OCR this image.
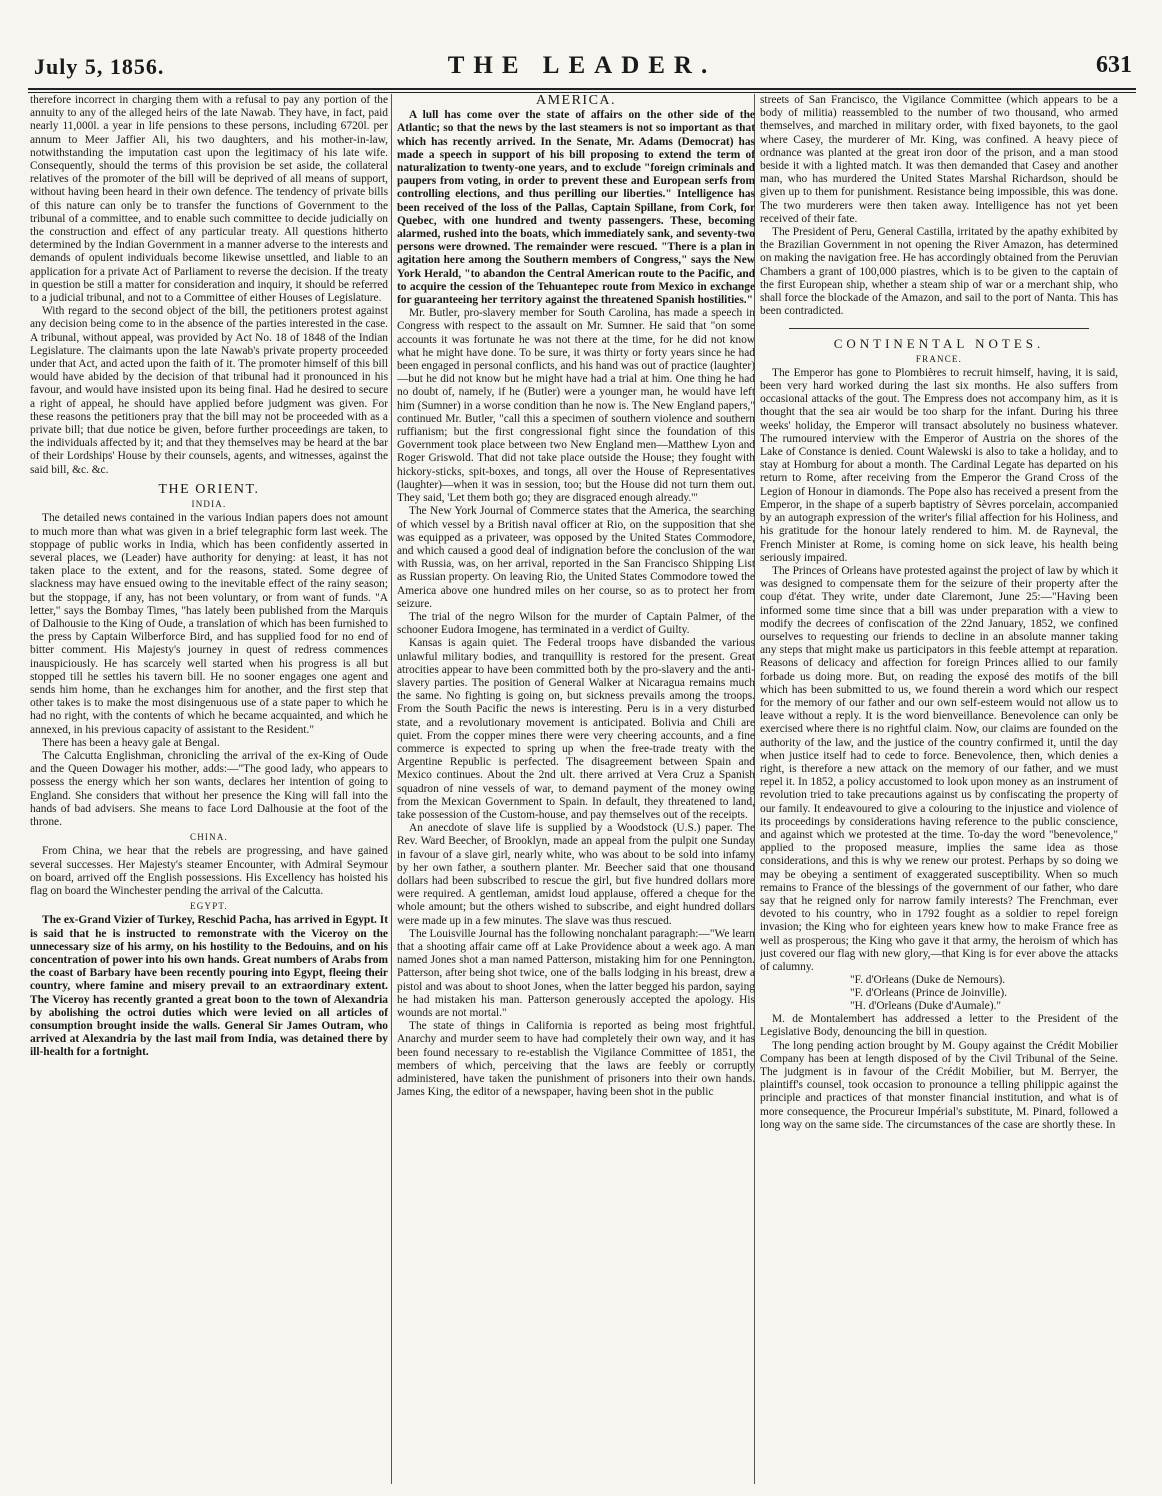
July 5, 1856.	THE LEADER.	631

therefore incorrect in charging them with a refusal to pay any portion of the annuity to any of the alleged heirs of the late Nawab. They have, in fact, paid nearly 11,000l. a year in life pensions to these persons, including 6720l. per annum to Meer Jaffier Ali, his two daughters, and his mother-in-law, notwithstanding the imputation cast upon the legitimacy of his late wife. Consequently, should the terms of this provision be set aside, the collateral relatives of the promoter of the bill will be deprived of all means of support, without having been heard in their own defence. The tendency of private bills of this nature can only be to transfer the functions of Government to the tribunal of a committee, and to enable such committee to decide judicially on the construction and effect of any particular treaty. All questions hitherto determined by the Indian Government in a manner adverse to the interests and demands of opulent individuals become likewise unsettled, and liable to an application for a private Act of Parliament to reverse the decision. If the treaty in question be still a matter for consideration and inquiry, it should be referred to a judicial tribunal, and not to a Committee of either Houses of Legislature.

With regard to the second object of the bill, the petitioners protest against any decision being come to in the absence of the parties interested in the case. A tribunal, without appeal, was provided by Act No. 18 of 1848 of the Indian Legislature. The claimants upon the late Nawab's private property proceeded under that Act, and acted upon the faith of it. The promoter himself of this bill would have abided by the decision of that tribunal had it pronounced in his favour, and would have insisted upon its being final. Had he desired to secure a right of appeal, he should have applied before judgment was given. For these reasons the petitioners pray that the bill may not be proceeded with as a private bill; that due notice be given, before further proceedings are taken, to the individuals affected by it; and that they themselves may be heard at the bar of their Lordships' House by their counsels, agents, and witnesses, against the said bill, &c. &c.

THE ORIENT.
INDIA.

The detailed news contained in the various Indian papers does not amount to much more than what was given in a brief telegraphic form last week. The stoppage of public works in India, which has been confidently asserted in several places, we (Leader) have authority for denying: at least, it has not taken place to the extent, and for the reasons, stated. Some degree of slackness may have ensued owing to the inevitable effect of the rainy season; but the stoppage, if any, has not been voluntary, or from want of funds. "A letter," says the Bombay Times, "has lately been published from the Marquis of Dalhousie to the King of Oude, a translation of which has been furnished to the press by Captain Wilberforce Bird, and has supplied food for no end of bitter comment. His Majesty's journey in quest of redress commences inauspiciously. He has scarcely well started when his progress is all but stopped till he settles his tavern bill. He no sooner engages one agent and sends him home, than he exchanges him for another, and the first step that other takes is to make the most disingenuous use of a state paper to which he had no right, with the contents of which he became acquainted, and which he annexed, in his previous capacity of assistant to the Resident."

There has been a heavy gale at Bengal.

The Calcutta Englishman, chronicling the arrival of the ex-King of Oude and the Queen Dowager his mother, adds:—"The good lady, who appears to possess the energy which her son wants, declares her intention of going to England. She considers that without her presence the King will fall into the hands of bad advisers. She means to face Lord Dalhousie at the foot of the throne.

CHINA.

From China, we hear that the rebels are progressing, and have gained several successes. Her Majesty's steamer Encounter, with Admiral Seymour on board, arrived off the English possessions. His Excellency has hoisted his flag on board the Winchester pending the arrival of the Calcutta.

EGYPT.

The ex-Grand Vizier of Turkey, Reschid Pacha, has arrived in Egypt. It is said that he is instructed to remonstrate with the Viceroy on the unnecessary size of his army, on his hostility to the Bedouins, and on his concentration of power into his own hands. Great numbers of Arabs from the coast of Barbary have been recently pouring into Egypt, fleeing their country, where famine and misery prevail to an extraordinary extent. The Viceroy has recently granted a great boon to the town of Alexandria by abolishing the octroi duties which were levied on all articles of consumption brought inside the walls. General Sir James Outram, who arrived at Alexandria by the last mail from India, was detained there by ill-health for a fortnight.

AMERICA.

A lull has come over the state of affairs on the other side of the Atlantic; so that the news by the last steamers is not so important as that which has recently arrived. In the Senate, Mr. Adams (Democrat) has made a speech in support of his bill proposing to extend the term of naturalization to twenty-one years, and to exclude "foreign criminals and paupers from voting, in order to prevent these and European serfs from controlling elections, and thus perilling our liberties." Intelligence has been received of the loss of the Pallas, Captain Spillane, from Cork, for Quebec, with one hundred and twenty passengers. These, becoming alarmed, rushed into the boats, which immediately sank, and seventy-two persons were drowned. The remainder were rescued. "There is a plan in agitation here among the Southern members of Congress," says the New York Herald, "to abandon the Central American route to the Pacific, and to acquire the cession of the Tehuantepec route from Mexico in exchange for guaranteeing her territory against the threatened Spanish hostilities."

Mr. Butler, pro-slavery member for South Carolina, has made a speech in Congress with respect to the assault on Mr. Sumner. He said that "on some accounts it was fortunate he was not there at the time, for he did not know what he might have done. To be sure, it was thirty or forty years since he had been engaged in personal conflicts, and his hand was out of practice (laughter)—but he did not know but he might have had a trial at him. One thing he had no doubt of, namely, if he (Butler) were a younger man, he would have left him (Sumner) in a worse condition than he now is. The New England papers," continued Mr. Butler, "call this a specimen of southern violence and southern ruffianism; but the first congressional fight since the foundation of this Government took place between two New England men—Matthew Lyon and Roger Griswold. That did not take place outside the House; they fought with hickory-sticks, spit-boxes, and tongs, all over the House of Representatives (laughter)—when it was in session, too; but the House did not turn them out. They said, 'Let them both go; they are disgraced enough already.'"

The New York Journal of Commerce states that the America, the searching of which vessel by a British naval officer at Rio, on the supposition that she was equipped as a privateer, was opposed by the United States Commodore, and which caused a good deal of indignation before the conclusion of the war with Russia, was, on her arrival, reported in the San Francisco Shipping List as Russian property. On leaving Rio, the United States Commodore towed the America above one hundred miles on her course, so as to protect her from seizure.

The trial of the negro Wilson for the murder of Captain Palmer, of the schooner Eudora Imogene, has terminated in a verdict of Guilty.

Kansas is again quiet. The Federal troops have disbanded the various unlawful military bodies, and tranquillity is restored for the present. Great atrocities appear to have been committed both by the pro-slavery and the anti-slavery parties. The position of General Walker at Nicaragua remains much the same. No fighting is going on, but sickness prevails among the troops. From the South Pacific the news is interesting. Peru is in a very disturbed state, and a revolutionary movement is anticipated. Bolivia and Chili are quiet. From the copper mines there were very cheering accounts, and a fine commerce is expected to spring up when the free-trade treaty with the Argentine Republic is perfected. The disagreement between Spain and Mexico continues. About the 2nd ult. there arrived at Vera Cruz a Spanish squadron of nine vessels of war, to demand payment of the money owing from the Mexican Government to Spain. In default, they threatened to land, take possession of the Custom-house, and pay themselves out of the receipts.

An anecdote of slave life is supplied by a Woodstock (U.S.) paper. The Rev. Ward Beecher, of Brooklyn, made an appeal from the pulpit one Sunday in favour of a slave girl, nearly white, who was about to be sold into infamy by her own father, a southern planter. Mr. Beecher said that one thousand dollars had been subscribed to rescue the girl, but five hundred dollars more were required. A gentleman, amidst loud applause, offered a cheque for the whole amount; but the others wished to subscribe, and eight hundred dollars were made up in a few minutes. The slave was thus rescued.

The Louisville Journal has the following nonchalant paragraph:—"We learn that a shooting affair came off at Lake Providence about a week ago. A man named Jones shot a man named Patterson, mistaking him for one Pennington. Patterson, after being shot twice, one of the balls lodging in his breast, drew a pistol and was about to shoot Jones, when the latter begged his pardon, saying he had mistaken his man. Patterson generously accepted the apology. His wounds are not mortal."

The state of things in California is reported as being most frightful. Anarchy and murder seem to have had completely their own way, and it has been found necessary to re-establish the Vigilance Committee of 1851, the members of which, perceiving that the laws are feebly or corruptly administered, have taken the punishment of prisoners into their own hands. James King, the editor of a newspaper, having been shot in the public

streets of San Francisco, the Vigilance Committee (which appears to be a body of militia) reassembled to the number of two thousand, who armed themselves, and marched in military order, with fixed bayonets, to the gaol where Casey, the murderer of Mr. King, was confined. A heavy piece of ordnance was planted at the great iron door of the prison, and a man stood beside it with a lighted match. It was then demanded that Casey and another man, who has murdered the United States Marshal Richardson, should be given up to them for punishment. Resistance being impossible, this was done. The two murderers were then taken away. Intelligence has not yet been received of their fate.

The President of Peru, General Castilla, irritated by the apathy exhibited by the Brazilian Government in not opening the River Amazon, has determined on making the navigation free. He has accordingly obtained from the Peruvian Chambers a grant of 100,000 piastres, which is to be given to the captain of the first European ship, whether a steam ship of war or a merchant ship, who shall force the blockade of the Amazon, and sail to the port of Nanta. This has been contradicted.

CONTINENTAL NOTES.
FRANCE.

The Emperor has gone to Plombières to recruit himself, having, it is said, been very hard worked during the last six months. He also suffers from occasional attacks of the gout. The Empress does not accompany him, as it is thought that the sea air would be too sharp for the infant. During his three weeks' holiday, the Emperor will transact absolutely no business whatever. The rumoured interview with the Emperor of Austria on the shores of the Lake of Constance is denied. Count Walewski is also to take a holiday, and to stay at Homburg for about a month. The Cardinal Legate has departed on his return to Rome, after receiving from the Emperor the Grand Cross of the Legion of Honour in diamonds. The Pope also has received a present from the Emperor, in the shape of a superb baptistry of Sèvres porcelain, accompanied by an autograph expression of the writer's filial affection for his Holiness, and his gratitude for the honour lately rendered to him. M. de Rayneval, the French Minister at Rome, is coming home on sick leave, his health being seriously impaired.

The Princes of Orleans have protested against the project of law by which it was designed to compensate them for the seizure of their property after the coup d'état. They write, under date Claremont, June 25:—"Having been informed some time since that a bill was under preparation with a view to modify the decrees of confiscation of the 22nd January, 1852, we confined ourselves to requesting our friends to decline in an absolute manner taking any steps that might make us participators in this feeble attempt at reparation. Reasons of delicacy and affection for foreign Princes allied to our family forbade us doing more. But, on reading the exposé des motifs of the bill which has been submitted to us, we found therein a word which our respect for the memory of our father and our own self-esteem would not allow us to leave without a reply. It is the word bienveillance. Benevolence can only be exercised where there is no rightful claim. Now, our claims are founded on the authority of the law, and the justice of the country confirmed it, until the day when justice itself had to cede to force. Benevolence, then, which denies a right, is therefore a new attack on the memory of our father, and we must repel it. In 1852, a policy accustomed to look upon money as an instrument of revolution tried to take precautions against us by confiscating the property of our family. It endeavoured to give a colouring to the injustice and violence of its proceedings by considerations having reference to the public conscience, and against which we protested at the time. To-day the word "benevolence," applied to the proposed measure, implies the same idea as those considerations, and this is why we renew our protest. Perhaps by so doing we may be obeying a sentiment of exaggerated susceptibility. When so much remains to France of the blessings of the government of our father, who dare say that he reigned only for narrow family interests? The Frenchman, ever devoted to his country, who in 1792 fought as a soldier to repel foreign invasion; the King who for eighteen years knew how to make France free as well as prosperous; the King who gave it that army, the heroism of which has just covered our flag with new glory,—that King is for ever above the attacks of calumny.

"F. d'Orleans (Duke de Nemours).
"F. d'Orleans (Prince de Joinville).
"H. d'Orleans (Duke d'Aumale)."

M. de Montalembert has addressed a letter to the President of the Legislative Body, denouncing the bill in question.

The long pending action brought by M. Goupy against the Crédit Mobilier Company has been at length disposed of by the Civil Tribunal of the Seine. The judgment is in favour of the Crédit Mobilier, but M. Berryer, the plaintiff's counsel, took occasion to pronounce a telling philippic against the principle and practices of that monster financial institution, and what is of more consequence, the Procureur Impérial's substitute, M. Pinard, followed a long way on the same side. The circumstances of the case are shortly these. In
